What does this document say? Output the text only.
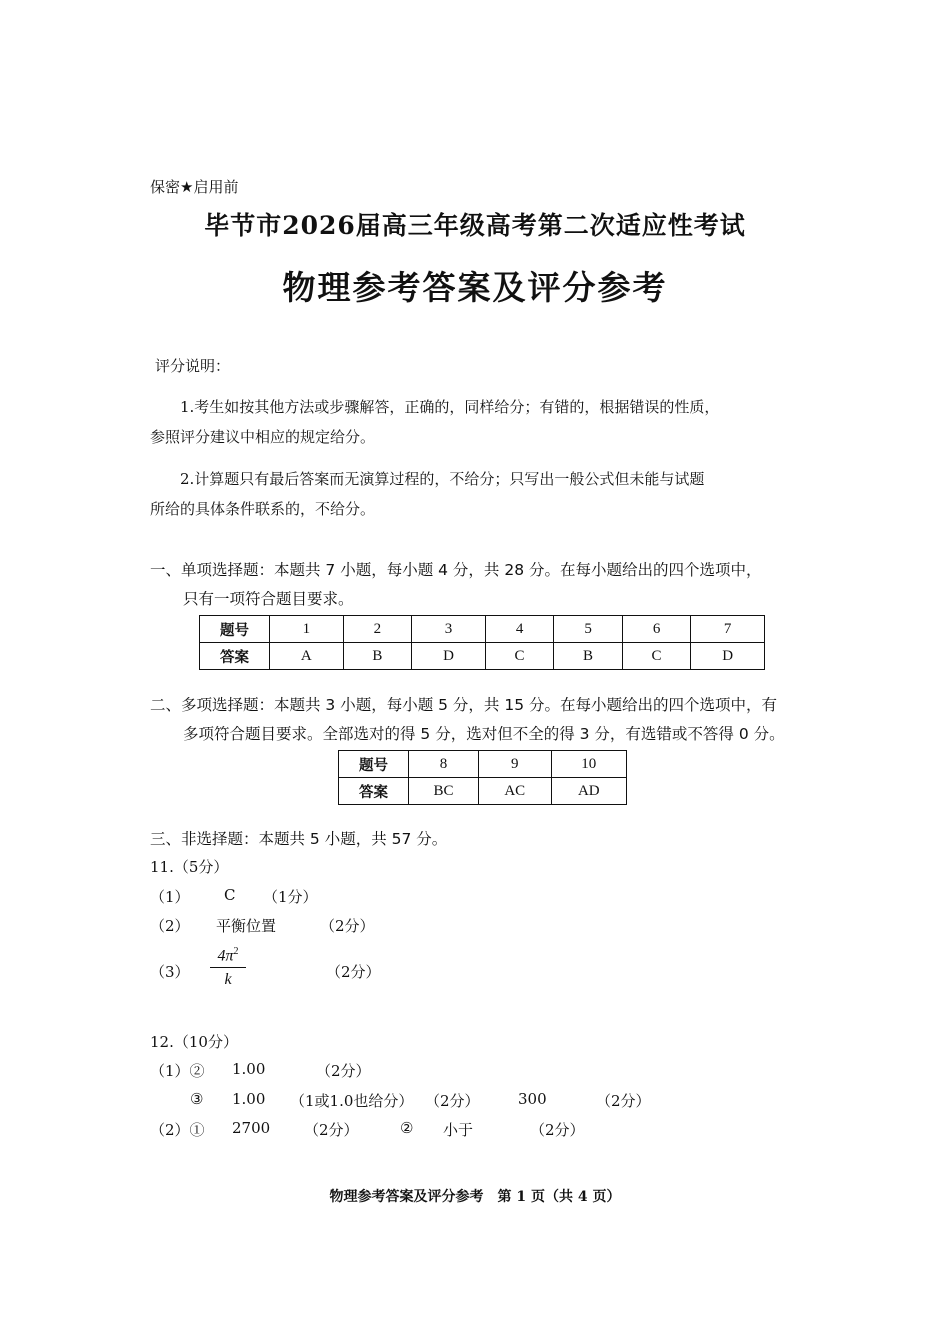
保密★启用前
毕节市2026届高三年级高考第二次适应性考试
物理参考答案及评分参考
评分说明：
1.考生如按其他方法或步骤解答，正确的，同样给分；有错的，根据错误的性质，
参照评分建议中相应的规定给分。
2.计算题只有最后答案而无演算过程的，不给分；只写出一般公式但未能与试题
所给的具体条件联系的，不给分。
一、单项选择题：本题共 7 小题，每小题 4 分，共 28 分。在每小题给出的四个选项中，
只有一项符合题目要求。
题号	1	2	3	4	5	6	7
答案	A	B	D	C	B	C	D
二、多项选择题：本题共 3 小题，每小题 5 分，共 15 分。在每小题给出的四个选项中，有
多项符合题目要求。全部选对的得 5 分，选对但不全的得 3 分，有选错或不答得 0 分。
题号	8	9	10
答案	BC	AC	AD
三、非选择题：本题共 5 小题，共 57 分。
11.（5分）
（1） C （1分）
（2） 平衡位置	（2分）
$(3) \frac{4\pi^2}{k}$	（2分）
12.（10分）
（1）② 1.00	（2分）
③ 1.00 （1或1.0也给分） （2分）	300	（2分）
（2）① 2700 （2分）	② 小于	（2分）
物理参考答案及评分参考　第 1 页（共 4 页）
